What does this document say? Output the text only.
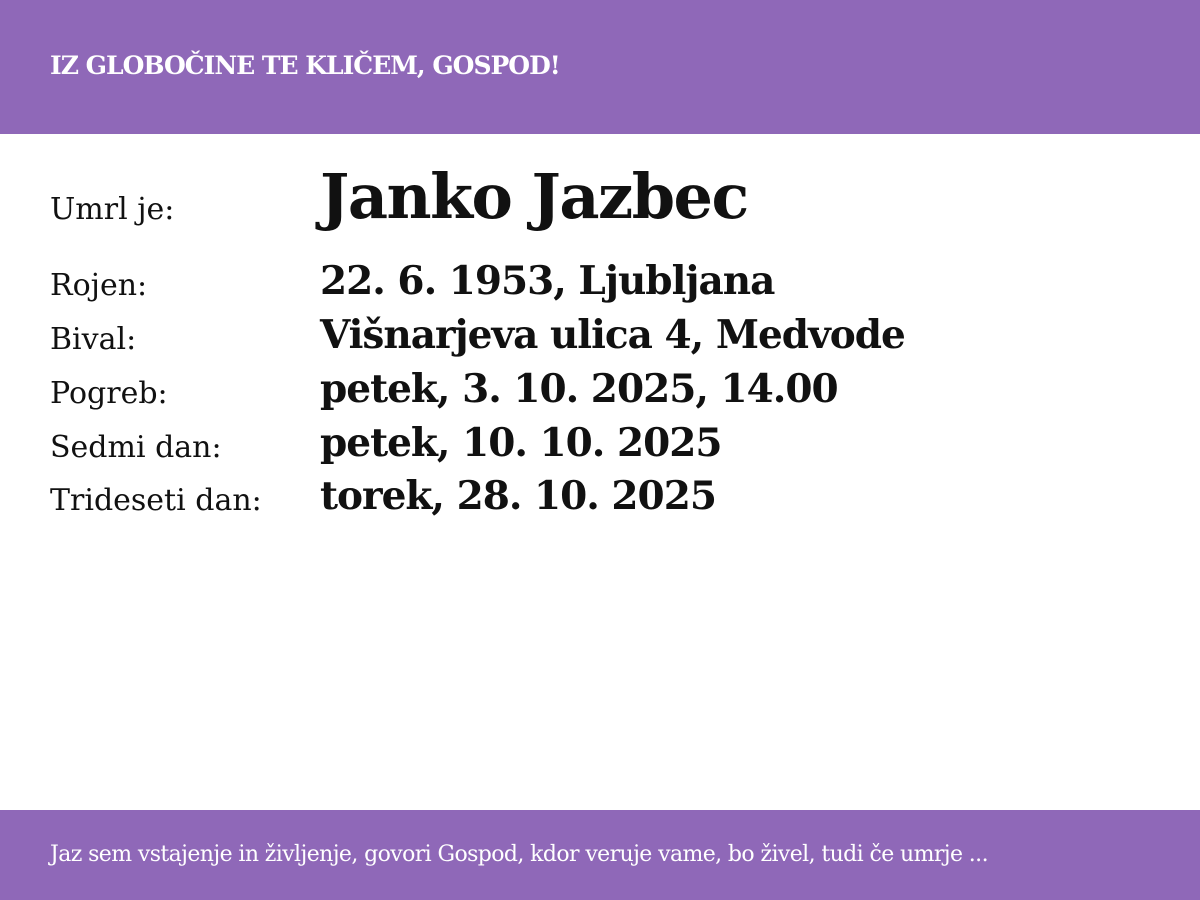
IZ GLOBOČINE TE KLIČEM, GOSPOD!
Umrl je: Janko Jazbec
Rojen:	22. 6. 1953, Ljubljana
Bival:	Višnarjeva ulica 4, Medvode
Pogreb:	petek, 3. 10. 2025, 14.00
Sedmi dan:	petek, 10. 10. 2025
Trideseti dan: torek, 28. 10. 2025
Jaz sem vstajenje in življenje, govori Gospod, kdor veruje vame, bo živel, tudi če umrje ...
